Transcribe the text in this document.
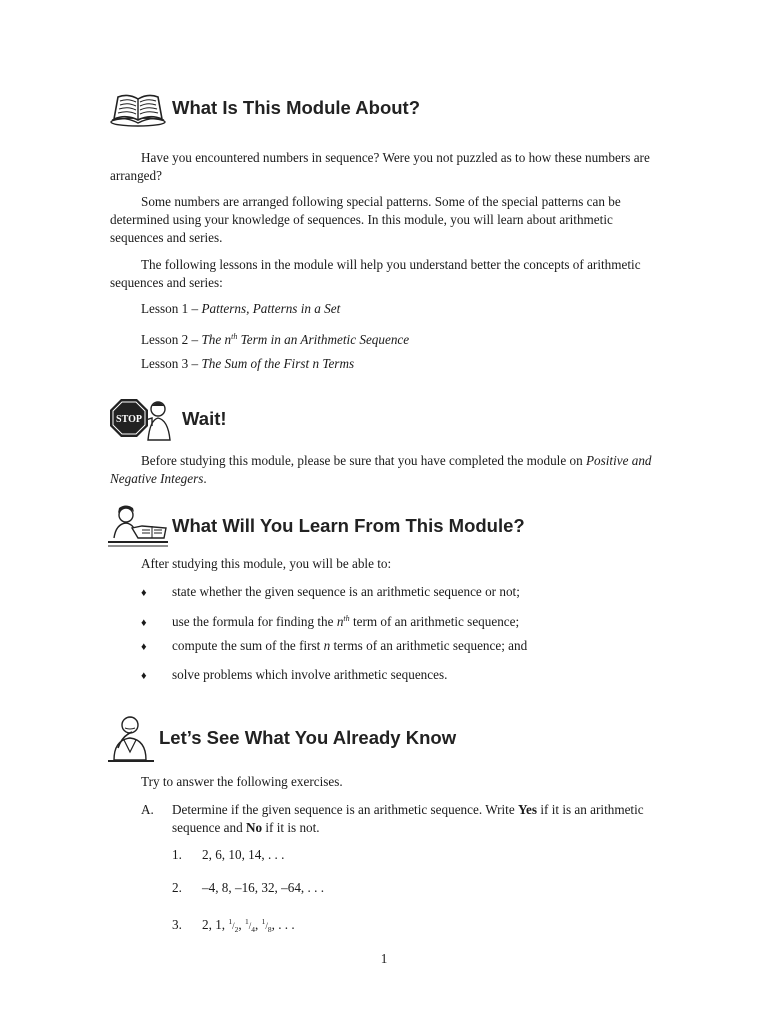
What Is This Module About?

Have you encountered numbers in sequence? Were you not puzzled as to how these numbers are arranged?

Some numbers are arranged following special patterns. Some of the special patterns can be determined using your knowledge of sequences. In this module, you will learn about arithmetic sequences and series.

The following lessons in the module will help you understand better the concepts of arithmetic sequences and series:

Lesson 1 – Patterns, Patterns in a Set
Lesson 2 – The $n^{th}$ Term in an Arithmetic Sequence
Lesson 3 – The Sum of the First n Terms
STOP Wait!

Before studying this module, please be sure that you have completed the module on Positive and Negative Integers.

What Will You Learn From This Module?
After studying this module, you will be able to:
♦ state whether the given sequence is an arithmetic sequence or not;
♦ use the formula for finding the $n^{th}$ term of an arithmetic sequence;
♦ compute the sum of the first n terms of an arithmetic sequence; and
♦ solve problems which involve arithmetic sequences.
Let’s See What You Already Know
Try to answer the following exercises.
A. Determine if the given sequence is an arithmetic sequence. Write Yes if it is an arithmetic sequence and No if it is not.
1. 2, 6, 10, 14, . . .
2. –4, 8, –16, 32, –64, . . .
3. 2, 1, $^1/_2$, $^1/_4$, $^1/_8$, . . .
1
